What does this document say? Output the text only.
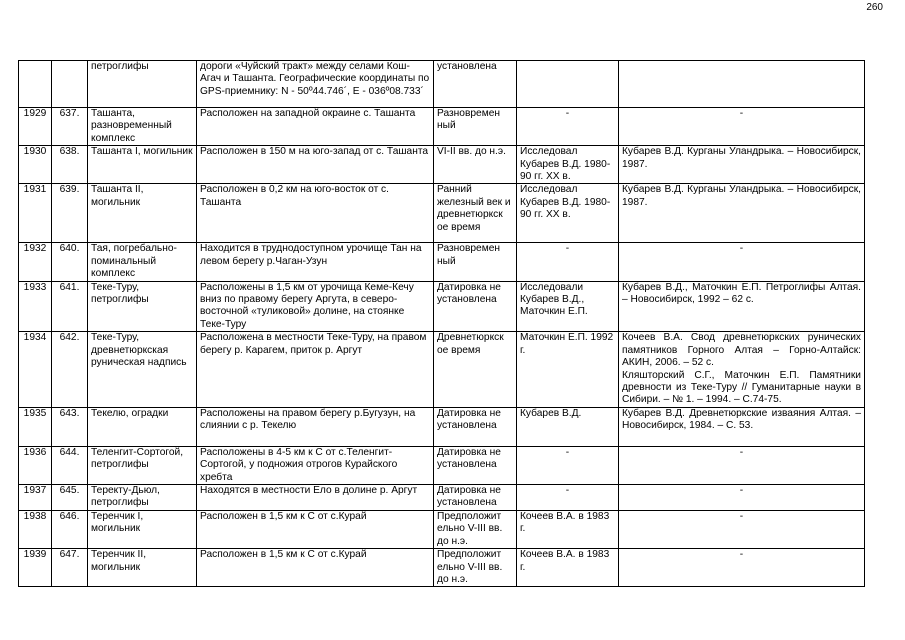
260
		петроглифы	дороги «Чуйский тракт» между селами Кош-Агач и Ташанта. Географические координаты по GPS-приемнику: N - 50º44.746´, E - 036º08.733´	установлена		
1929	637.	Ташанта, разновременный комплекс	Расположен на западной окраине с. Ташанта	Разновремен ный	-	-

1930	638.	Ташанта I, могильник	Расположен в 150 м на юго-запад от с. Ташанта	VI-II вв. до н.э.	Исследовал Кубарев В.Д. 1980-90 гг. XX в.	Кубарев В.Д. Курганы Уландрыка. – Новосибирск, 1987.

1931	639.	Ташанта II, могильник	Расположен в 0,2 км на юго-восток от с. Ташанта	Ранний железный век и древнетюркск ое время	Исследовал Кубарев В.Д. 1980-90 гг. XX в.	Кубарев В.Д. Курганы Уландрыка. – Новосибирск, 1987.

1932	640.	Тая, погребально-поминальный комплекс	Находится в труднодоступном урочище Тан на левом берегу р.Чаган-Узун	Разновремен ный	-	-

1933	641.	Теке-Туру, петроглифы	Расположены в 1,5 км от урочища Кеме-Кечу вниз по правому берегу Аргута, в северо-восточной «туликовой» долине, на стоянке Теке-Туру	Датировка не установлена	Исследовали Кубарев В.Д., Маточкин Е.П.	Кубарев В.Д., Маточкин Е.П. Петроглифы Алтая. – Новосибирск, 1992 – 62 с.

1934	642.	Теке-Туру, древнетюркская руническая надпись	Расположена в местности Теке-Туру, на правом берегу р. Карагем, приток р. Аргут	Древнетюркск ое время	Маточкин Е.П. 1992 г.	Кочеев В.А. Свод древнетюркских рунических памятников Горного Алтая – Горно-Алтайск: АКИН, 2006. – 52 с.
Кляшторский С.Г., Маточкин Е.П. Памятники древности из Теке-Туру // Гуманитарные науки в Сибири. – № 1. – 1994. – С.74-75.

1935	643.	Текелю, оградки	Расположены на правом берегу р.Бугузун, на слиянии с р. Текелю	Датировка не установлена	Кубарев В.Д.	Кубарев В.Д. Древнетюркские изваяния Алтая. – Новосибирск, 1984. – С. 53.

1936	644.	Теленгит-Сортогой, петроглифы	Расположены в 4-5 км к С от с.Теленгит-Сортогой, у подножия отрогов Курайского хребта	Датировка не установлена	-	-

1937	645.	Теректу-Дьюл, петроглифы	Находятся в местности Ело в долине р. Аргут	Датировка не установлена	-	-

1938	646.	Теренчик I, могильник	Расположен в 1,5 км к С от с.Курай	Предположит ельно V-III вв. до н.э.	Кочеев В.А. в 1983 г.	-

1939	647.	Теренчик II, могильник	Расположен в 1,5 км к С от с.Курай	Предположит ельно V-III вв. до н.э.	Кочеев В.А. в 1983 г.	-
